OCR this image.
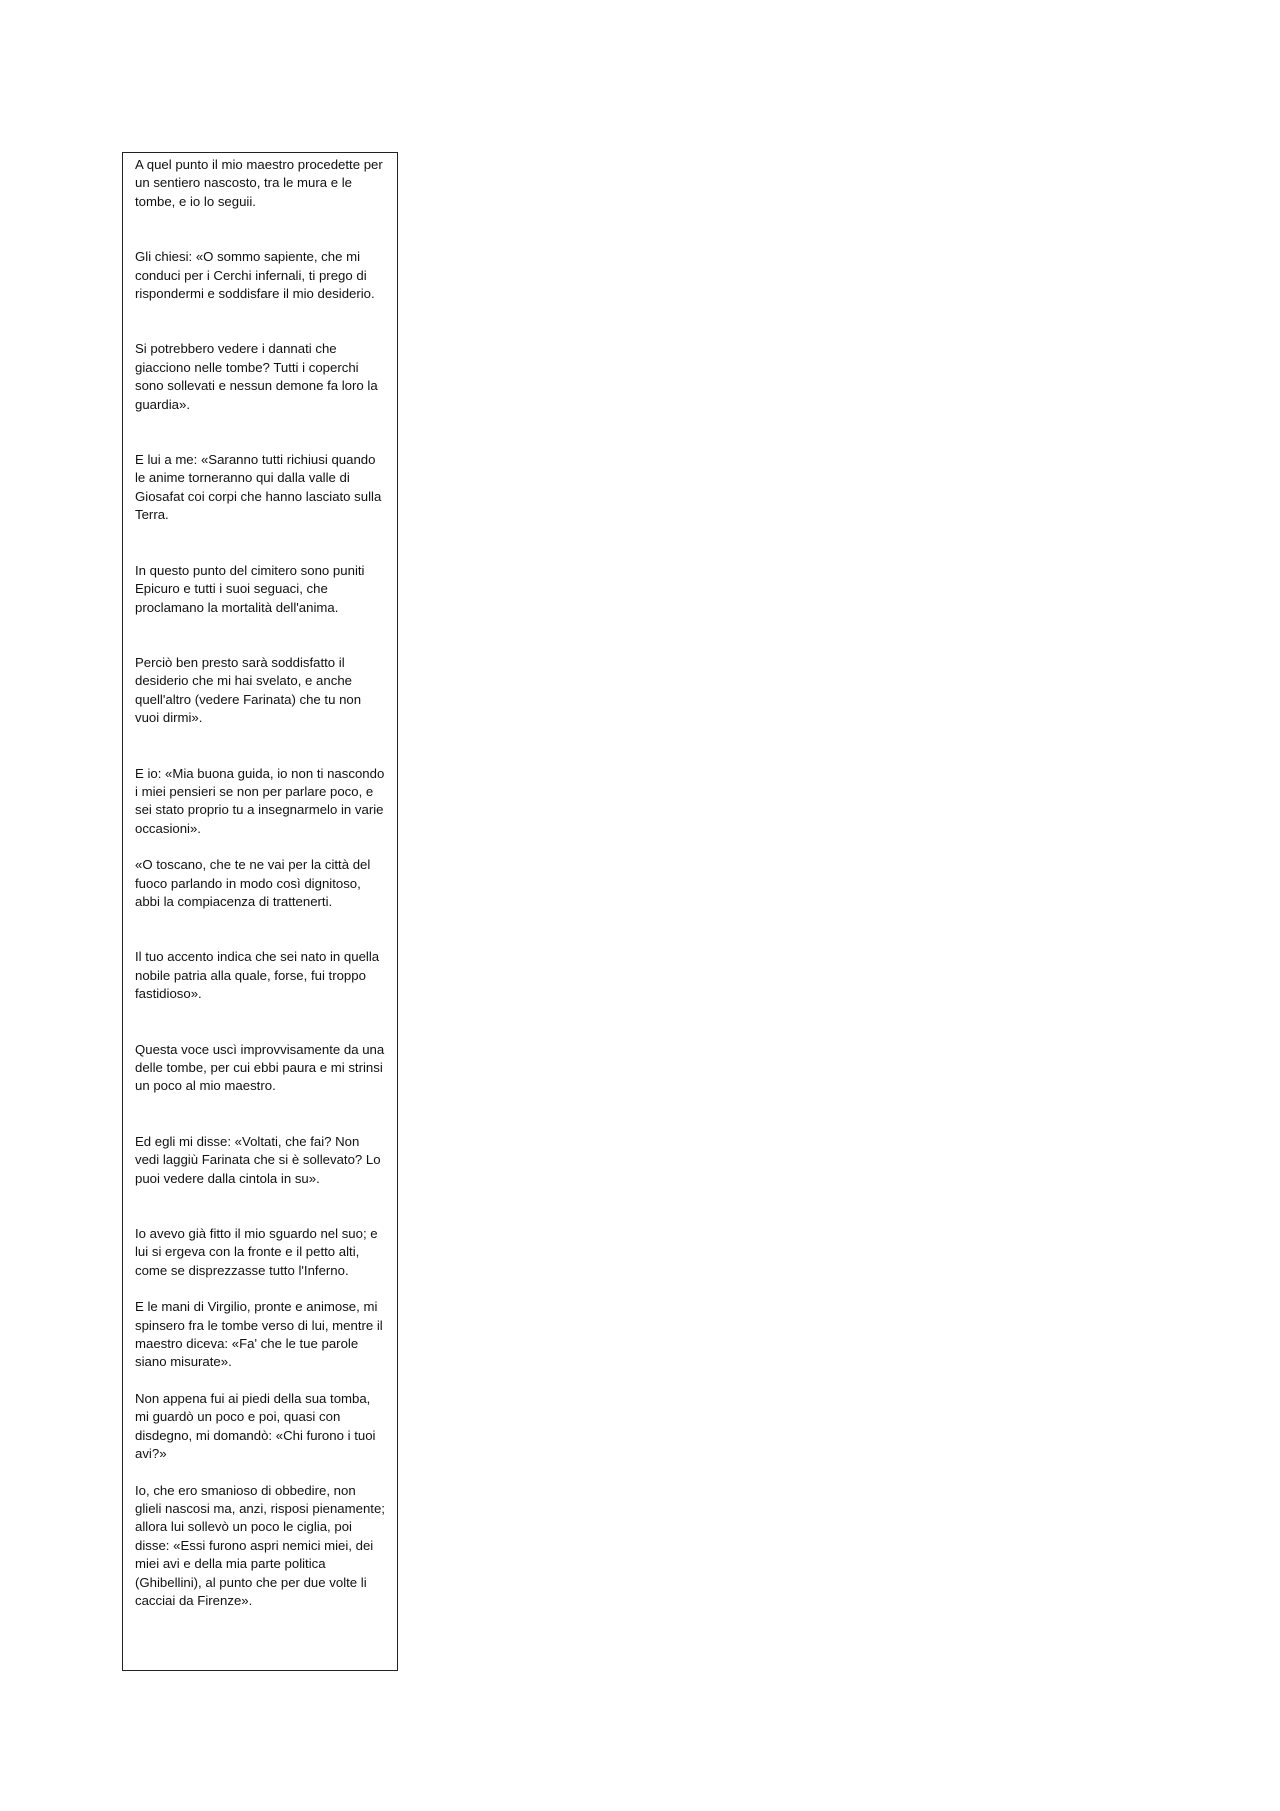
A quel punto il mio maestro procedette per un sentiero nascosto, tra le mura e le tombe, e io lo seguii.

Gli chiesi: «O sommo sapiente, che mi conduci per i Cerchi infernali, ti prego di rispondermi e soddisfare il mio desiderio.

Si potrebbero vedere i dannati che giacciono nelle tombe? Tutti i coperchi sono sollevati e nessun demone fa loro la guardia».

E lui a me: «Saranno tutti richiusi quando le anime torneranno qui dalla valle di Giosafat coi corpi che hanno lasciato sulla Terra.

In questo punto del cimitero sono puniti Epicuro e tutti i suoi seguaci, che proclamano la mortalità dell'anima.

Perciò ben presto sarà soddisfatto il desiderio che mi hai svelato, e anche quell'altro (vedere Farinata) che tu non vuoi dirmi».

E io: «Mia buona guida, io non ti nascondo i miei pensieri se non per parlare poco, e sei stato proprio tu a insegnarmelo in varie occasioni».

«O toscano, che te ne vai per la città del fuoco parlando in modo così dignitoso, abbi la compiacenza di trattenerti.

Il tuo accento indica che sei nato in quella nobile patria alla quale, forse, fui troppo fastidioso».

Questa voce uscì improvvisamente da una delle tombe, per cui ebbi paura e mi strinsi un poco al mio maestro.

Ed egli mi disse: «Voltati, che fai? Non vedi laggiù Farinata che si è sollevato? Lo puoi vedere dalla cintola in su».

Io avevo già fitto il mio sguardo nel suo; e lui si ergeva con la fronte e il petto alti, come se disprezzasse tutto l'Inferno.

E le mani di Virgilio, pronte e animose, mi spinsero fra le tombe verso di lui, mentre il maestro diceva: «Fa' che le tue parole siano misurate».

Non appena fui ai piedi della sua tomba, mi guardò un poco e poi, quasi con disdegno, mi domandò: «Chi furono i tuoi avi?»

Io, che ero smanioso di obbedire, non glieli nascosi ma, anzi, risposi pienamente; allora lui sollevò un poco le ciglia, poi disse: «Essi furono aspri nemici miei, dei miei avi e della mia parte politica (Ghibellini), al punto che per due volte li cacciai da Firenze».
